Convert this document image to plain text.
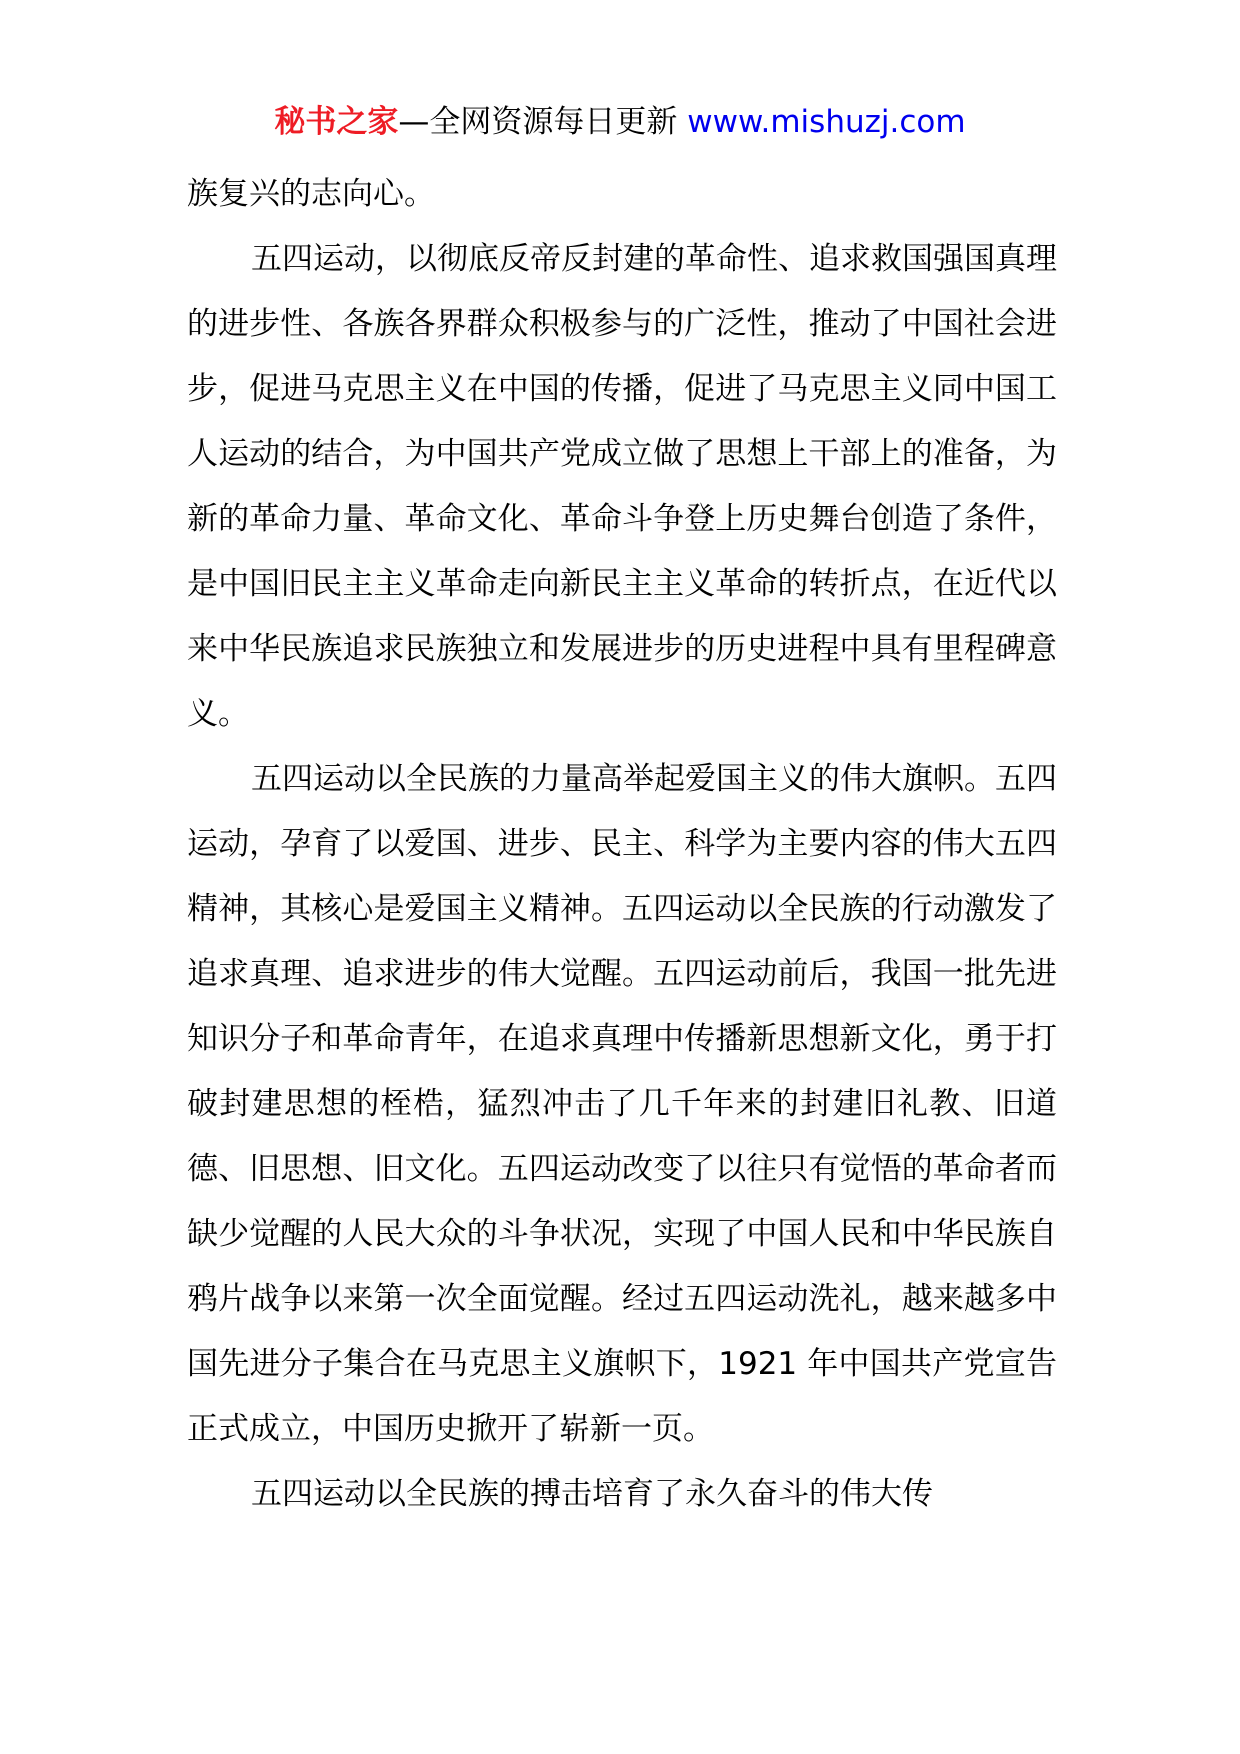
秘书之家—全网资源每日更新 www.mishuzj.com

族复兴的志向心。

五四运动，以彻底反帝反封建的革命性、追求救国强国真理的进步性、各族各界群众积极参与的广泛性，推动了中国社会进步，促进马克思主义在中国的传播，促进了马克思主义同中国工人运动的结合，为中国共产党成立做了思想上干部上的准备，为新的革命力量、革命文化、革命斗争登上历史舞台创造了条件，是中国旧民主主义革命走向新民主主义革命的转折点，在近代以来中华民族追求民族独立和发展进步的历史进程中具有里程碑意义。

五四运动以全民族的力量高举起爱国主义的伟大旗帜。五四运动，孕育了以爱国、进步、民主、科学为主要内容的伟大五四精神，其核心是爱国主义精神。五四运动以全民族的行动激发了追求真理、追求进步的伟大觉醒。五四运动前后，我国一批先进知识分子和革命青年，在追求真理中传播新思想新文化，勇于打破封建思想的桎梏，猛烈冲击了几千年来的封建旧礼教、旧道德、旧思想、旧文化。五四运动改变了以往只有觉悟的革命者而缺少觉醒的人民大众的斗争状况，实现了中国人民和中华民族自鸦片战争以来第一次全面觉醒。经过五四运动洗礼，越来越多中国先进分子集合在马克思主义旗帜下，1921 年中国共产党宣告正式成立，中国历史掀开了崭新一页。

五四运动以全民族的搏击培育了永久奋斗的伟大传
